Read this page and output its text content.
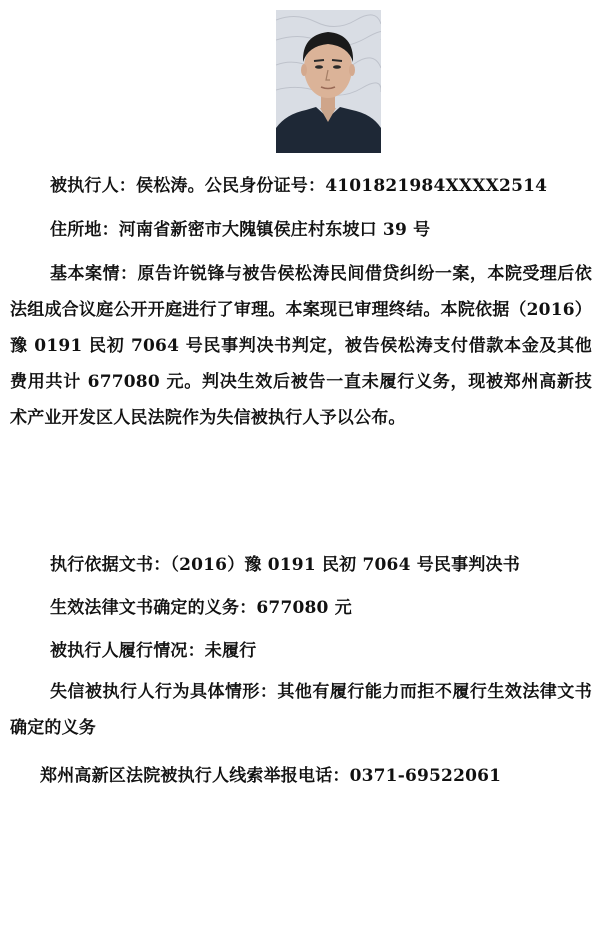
被执行人：侯松涛。公民身份证号：4101821984XXXX2514
住所地：河南省新密市大隗镇侯庄村东坡口 39 号
基本案情：原告许锐锋与被告侯松涛民间借贷纠纷一案，本院受理后依法组成合议庭公开开庭进行了审理。本案现已审理终结。本院依据（2016）豫 0191 民初 7064 号民事判决书判定，被告侯松涛支付借款本金及其他费用共计 677080 元。判决生效后被告一直未履行义务，现被郑州高新技术产业开发区人民法院作为失信被执行人予以公布。
执行依据文书：（2016）豫 0191 民初 7064 号民事判决书
生效法律文书确定的义务：677080 元
被执行人履行情况：未履行
失信被执行人行为具体情形：其他有履行能力而拒不履行生效法律文书确定的义务
郑州高新区法院被执行人线索举报电话：0371-69522061
